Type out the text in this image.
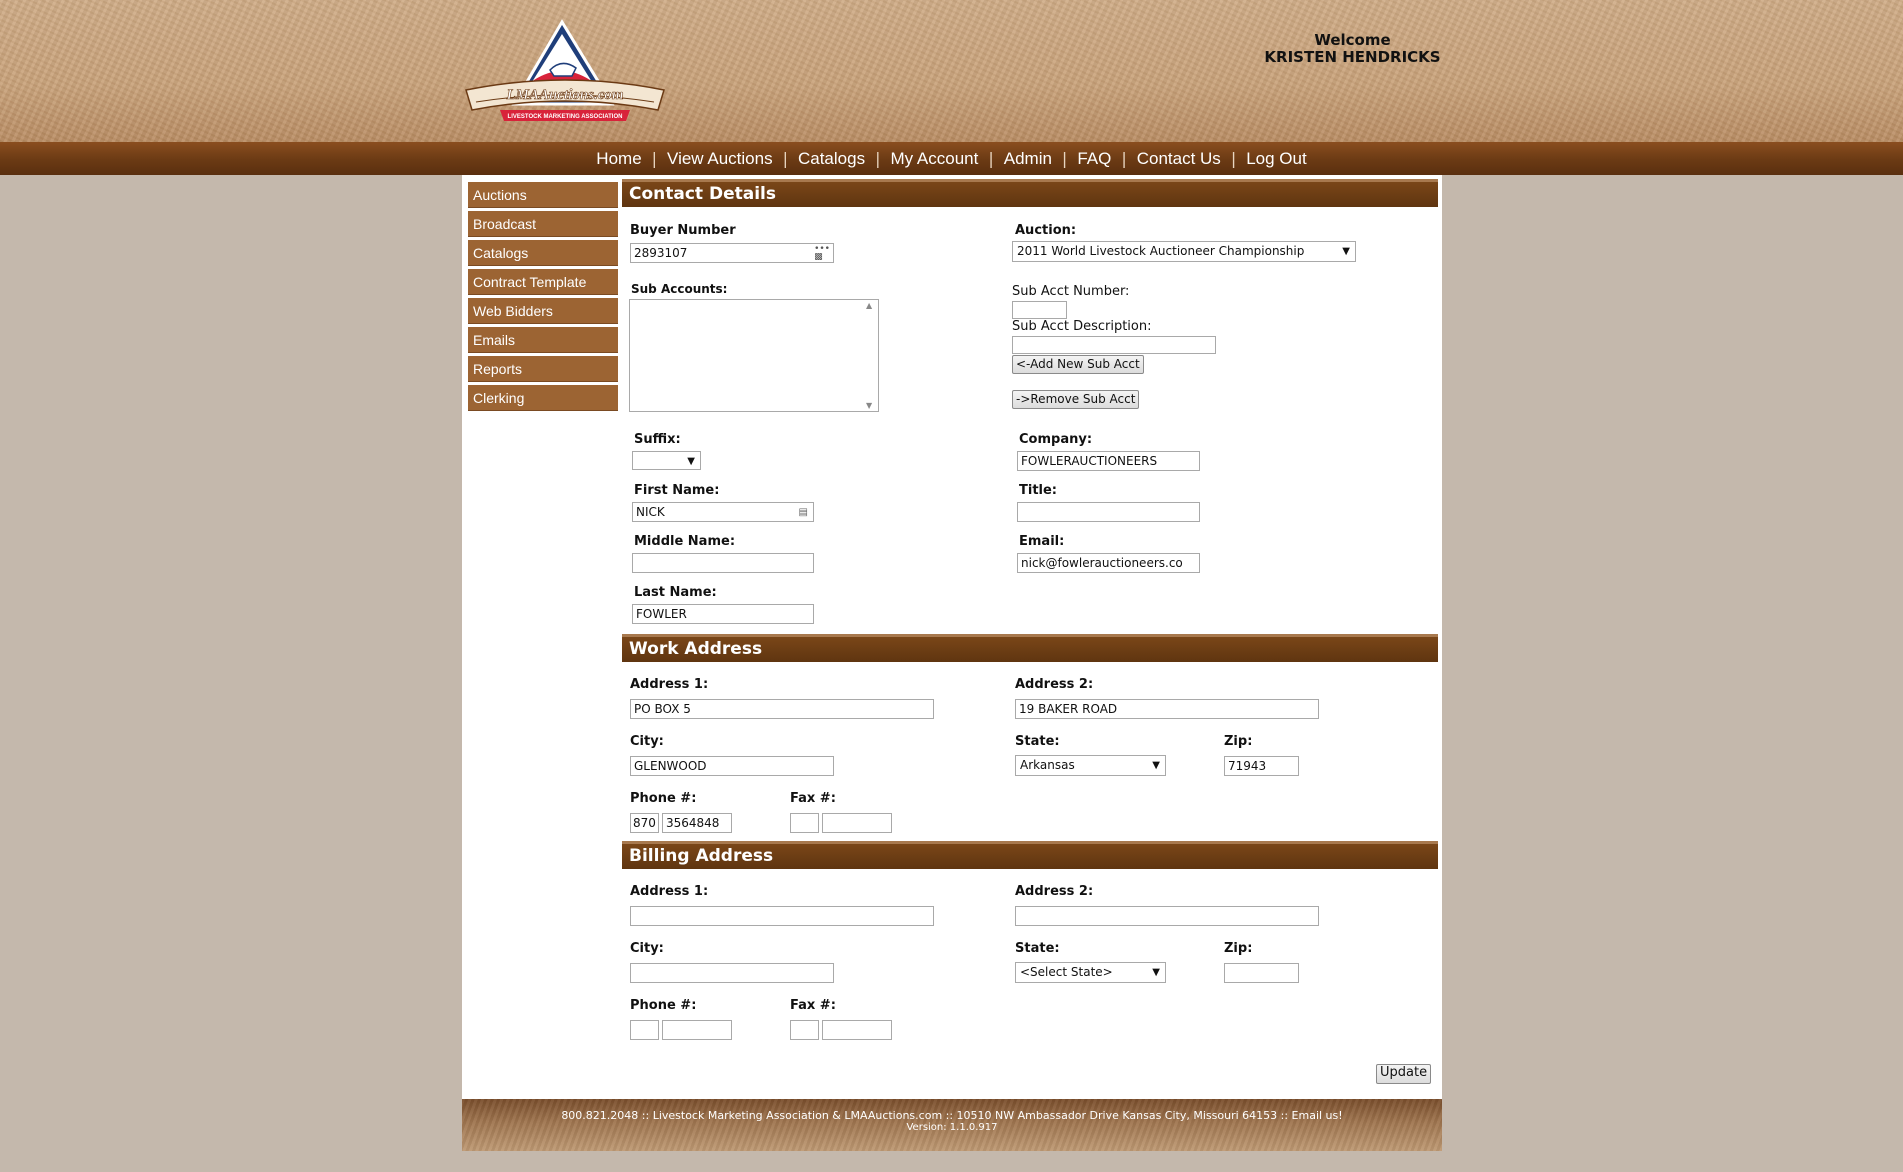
LMAAuctions.com
LIVESTOCK MARKETING ASSOCIATION
Welcome
KRISTEN HENDRICKS
Home | View Auctions | Catalogs | My Account | Admin | FAQ | Contact Us | Log Out
Auctions
Broadcast
Catalogs
Contract Template
Web Bidders
Emails
Reports
Clerking
Contact Details
Buyer Number
2893107	•••
▩
Auction:
2011 World Livestock Auctioneer Championship	▼
Sub Accounts:
▲
▼
Sub Acct Number:
Sub Acct Description:
<-Add New Sub Acct
->Remove Sub Acct
Suffix:
▼
First Name:
NICK	▤
Middle Name:
Last Name:
FOWLER
Company:
FOWLERAUCTIONEERS
Title:
Email:
nick@fowlerauctioneers.co
Work Address
Address 1:
PO BOX 5
Address 2:
19 BAKER ROAD
City:
GLENWOOD
State:
Arkansas	▼
Zip:
71943
Phone #:
870 3564848
Fax #:
Billing Address
Address 1:	Address 2:
City:	State:
<Select State>	▼
Zip:
Phone #:	Fax #:
Update
800.821.2048 :: Livestock Marketing Association & LMAAuctions.com :: 10510 NW Ambassador Drive Kansas City, Missouri 64153 :: Email us!
Version: 1.1.0.917
